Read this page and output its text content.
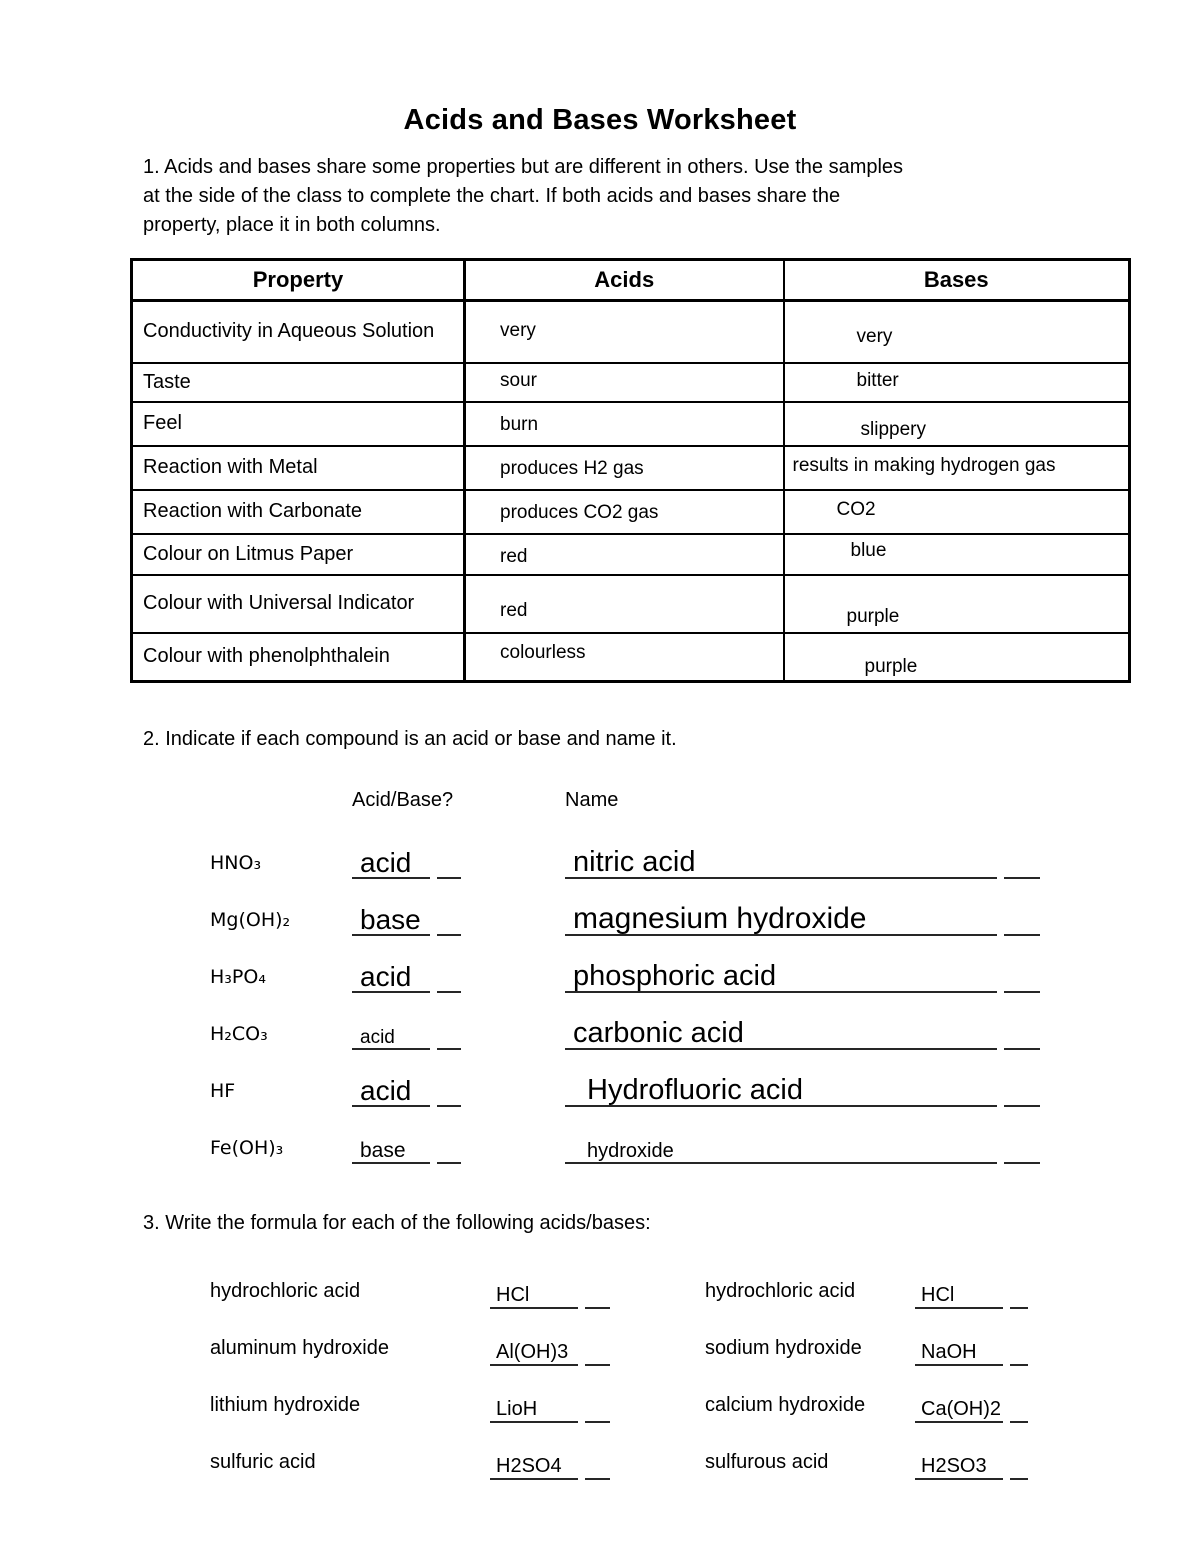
Acids and Bases Worksheet
1. Acids and bases share some properties but are different in others. Use the samples
at the side of the class to complete the chart. If both acids and bases share the
property, place it in both columns.
Property	Acids	Bases
Conductivity in Aqueous Solution	very	very
Taste	sour	bitter
Feel	burn	slippery
Reaction with Metal	produces H2 gas	results in making hydrogen gas
Reaction with Carbonate	produces CO2 gas	CO2
Colour on Litmus Paper	red	blue
Colour with Universal Indicator	red	purple
Colour with phenolphthalein	colourless	purple
2. Indicate if each compound is an acid or base and name it.
Acid/Base?	Name
HNO₃	acid	nitric acid
Mg(OH)₂	base	magnesium hydroxide
H₃PO₄	acid	phosphoric acid
H₂CO₃	acid	carbonic acid
HF	acid	Hydrofluoric acid
Fe(OH)₃	base	hydroxide
3. Write the formula for each of the following acids/bases:
hydrochloric acid	HCl	hydrochloric acid	HCl
aluminum hydroxide	Al(OH)3	sodium hydroxide	NaOH
lithium hydroxide	LioH	calcium hydroxide	Ca(OH)2
sulfuric acid	H2SO4	sulfurous acid	H2SO3
